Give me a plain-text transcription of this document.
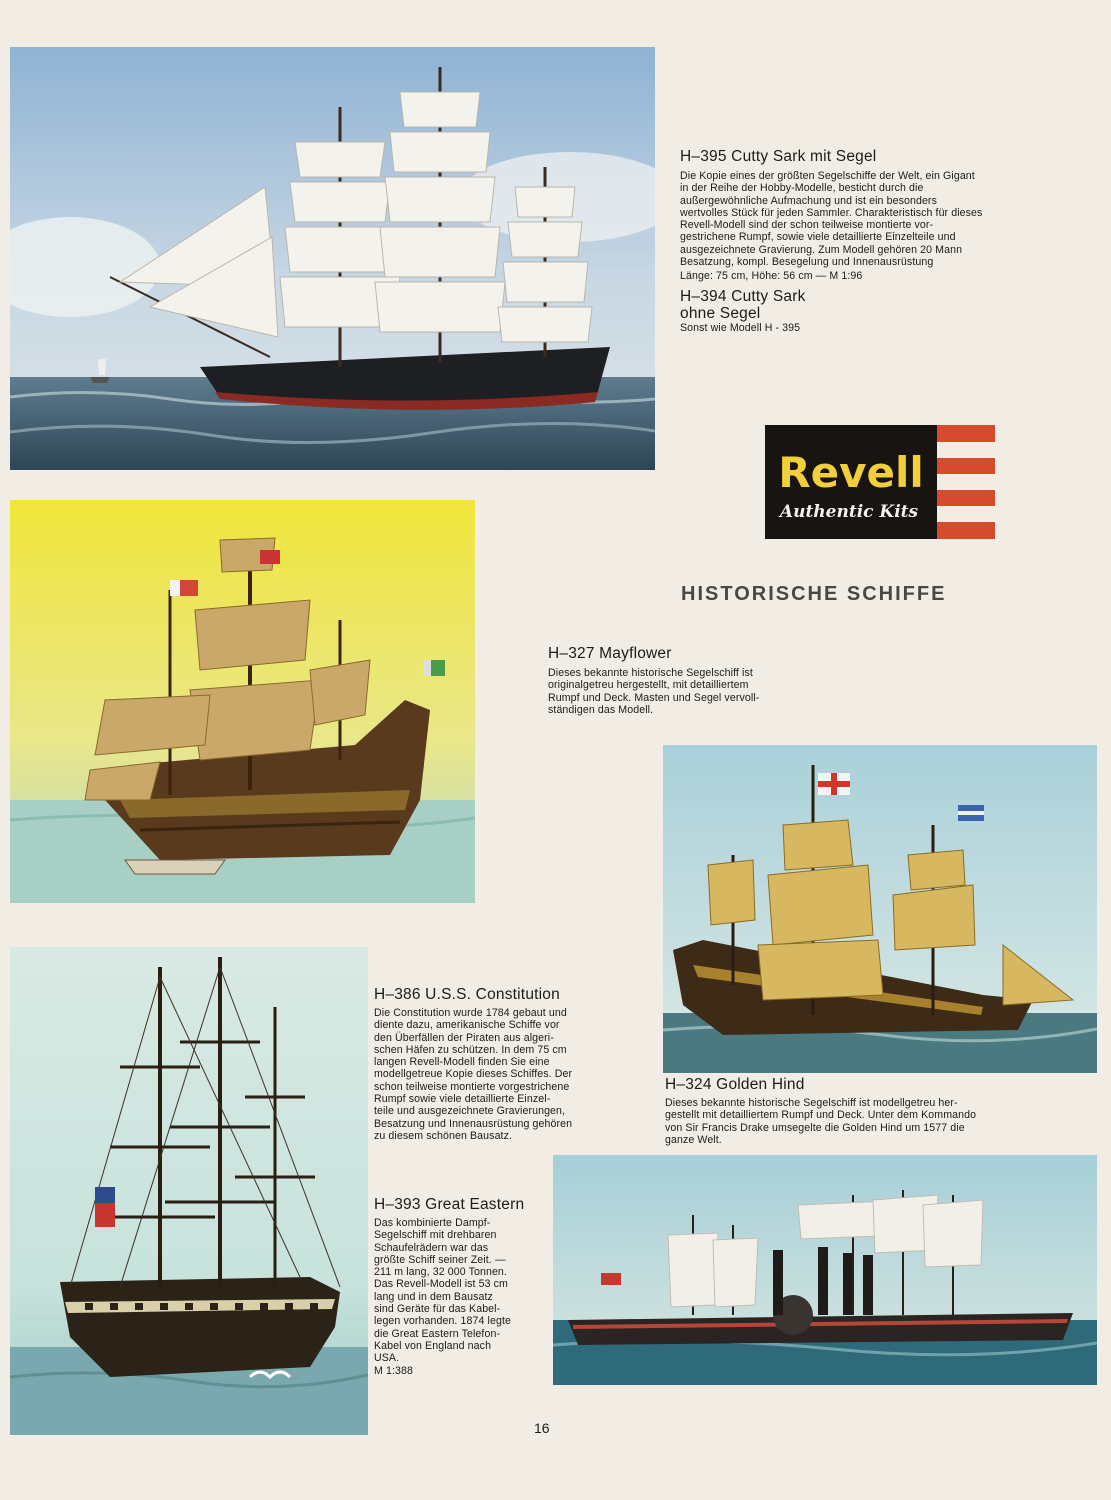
H–395 Cutty Sark mit Segel
Die Kopie eines der größten Segelschiffe der Welt, ein Gigant
in der Reihe der Hobby-Modelle, besticht durch die
außergewöhnliche Aufmachung und ist ein besonders
wertvolles Stück für jeden Sammler. Charakteristisch für dieses
Revell-Modell sind der schon teilweise montierte vor-
gestrichene Rumpf, sowie viele detaillierte Einzelteile und
ausgezeichnete Gravierung. Zum Modell gehören 20 Mann
Besatzung, kompl. Besegelung und Innenausrüstung
Länge: 75 cm, Höhe: 56 cm — M 1:96
H–394 Cutty Sark
ohne Segel
Sonst wie Modell H - 395
Revell
Authentic Kits
HISTORISCHE SCHIFFE
H–327 Mayflower
Dieses bekannte historische Segelschiff ist
originalgetreu hergestellt, mit detailliertem
Rumpf und Deck. Masten und Segel vervoll-
ständigen das Modell.
H–324 Golden Hind
Dieses bekannte historische Segelschiff ist modellgetreu her-
gestellt mit detailliertem Rumpf und Deck. Unter dem Kommando
von Sir Francis Drake umsegelte die Golden Hind um 1577 die
ganze Welt.
H–386 U.S.S. Constitution
Die Constitution wurde 1784 gebaut und
diente dazu, amerikanische Schiffe vor
den Überfällen der Piraten aus algeri-
schen Häfen zu schützen. In dem 75 cm
langen Revell-Modell finden Sie eine
modellgetreue Kopie dieses Schiffes. Der
schon teilweise montierte vorgestrichene
Rumpf sowie viele detaillierte Einzel-
teile und ausgezeichnete Gravierungen,
Besatzung und Innenausrüstung gehören
zu diesem schönen Bausatz.
H–393 Great Eastern
Das kombinierte Dampf-
Segelschiff mit drehbaren
Schaufelrädern war das
größte Schiff seiner Zeit. —
211 m lang, 32 000 Tonnen.
Das Revell-Modell ist 53 cm
lang und in dem Bausatz
sind Geräte für das Kabel-
legen vorhanden. 1874 legte
die Great Eastern Telefon-
Kabel von England nach
USA.
M 1:388
16
